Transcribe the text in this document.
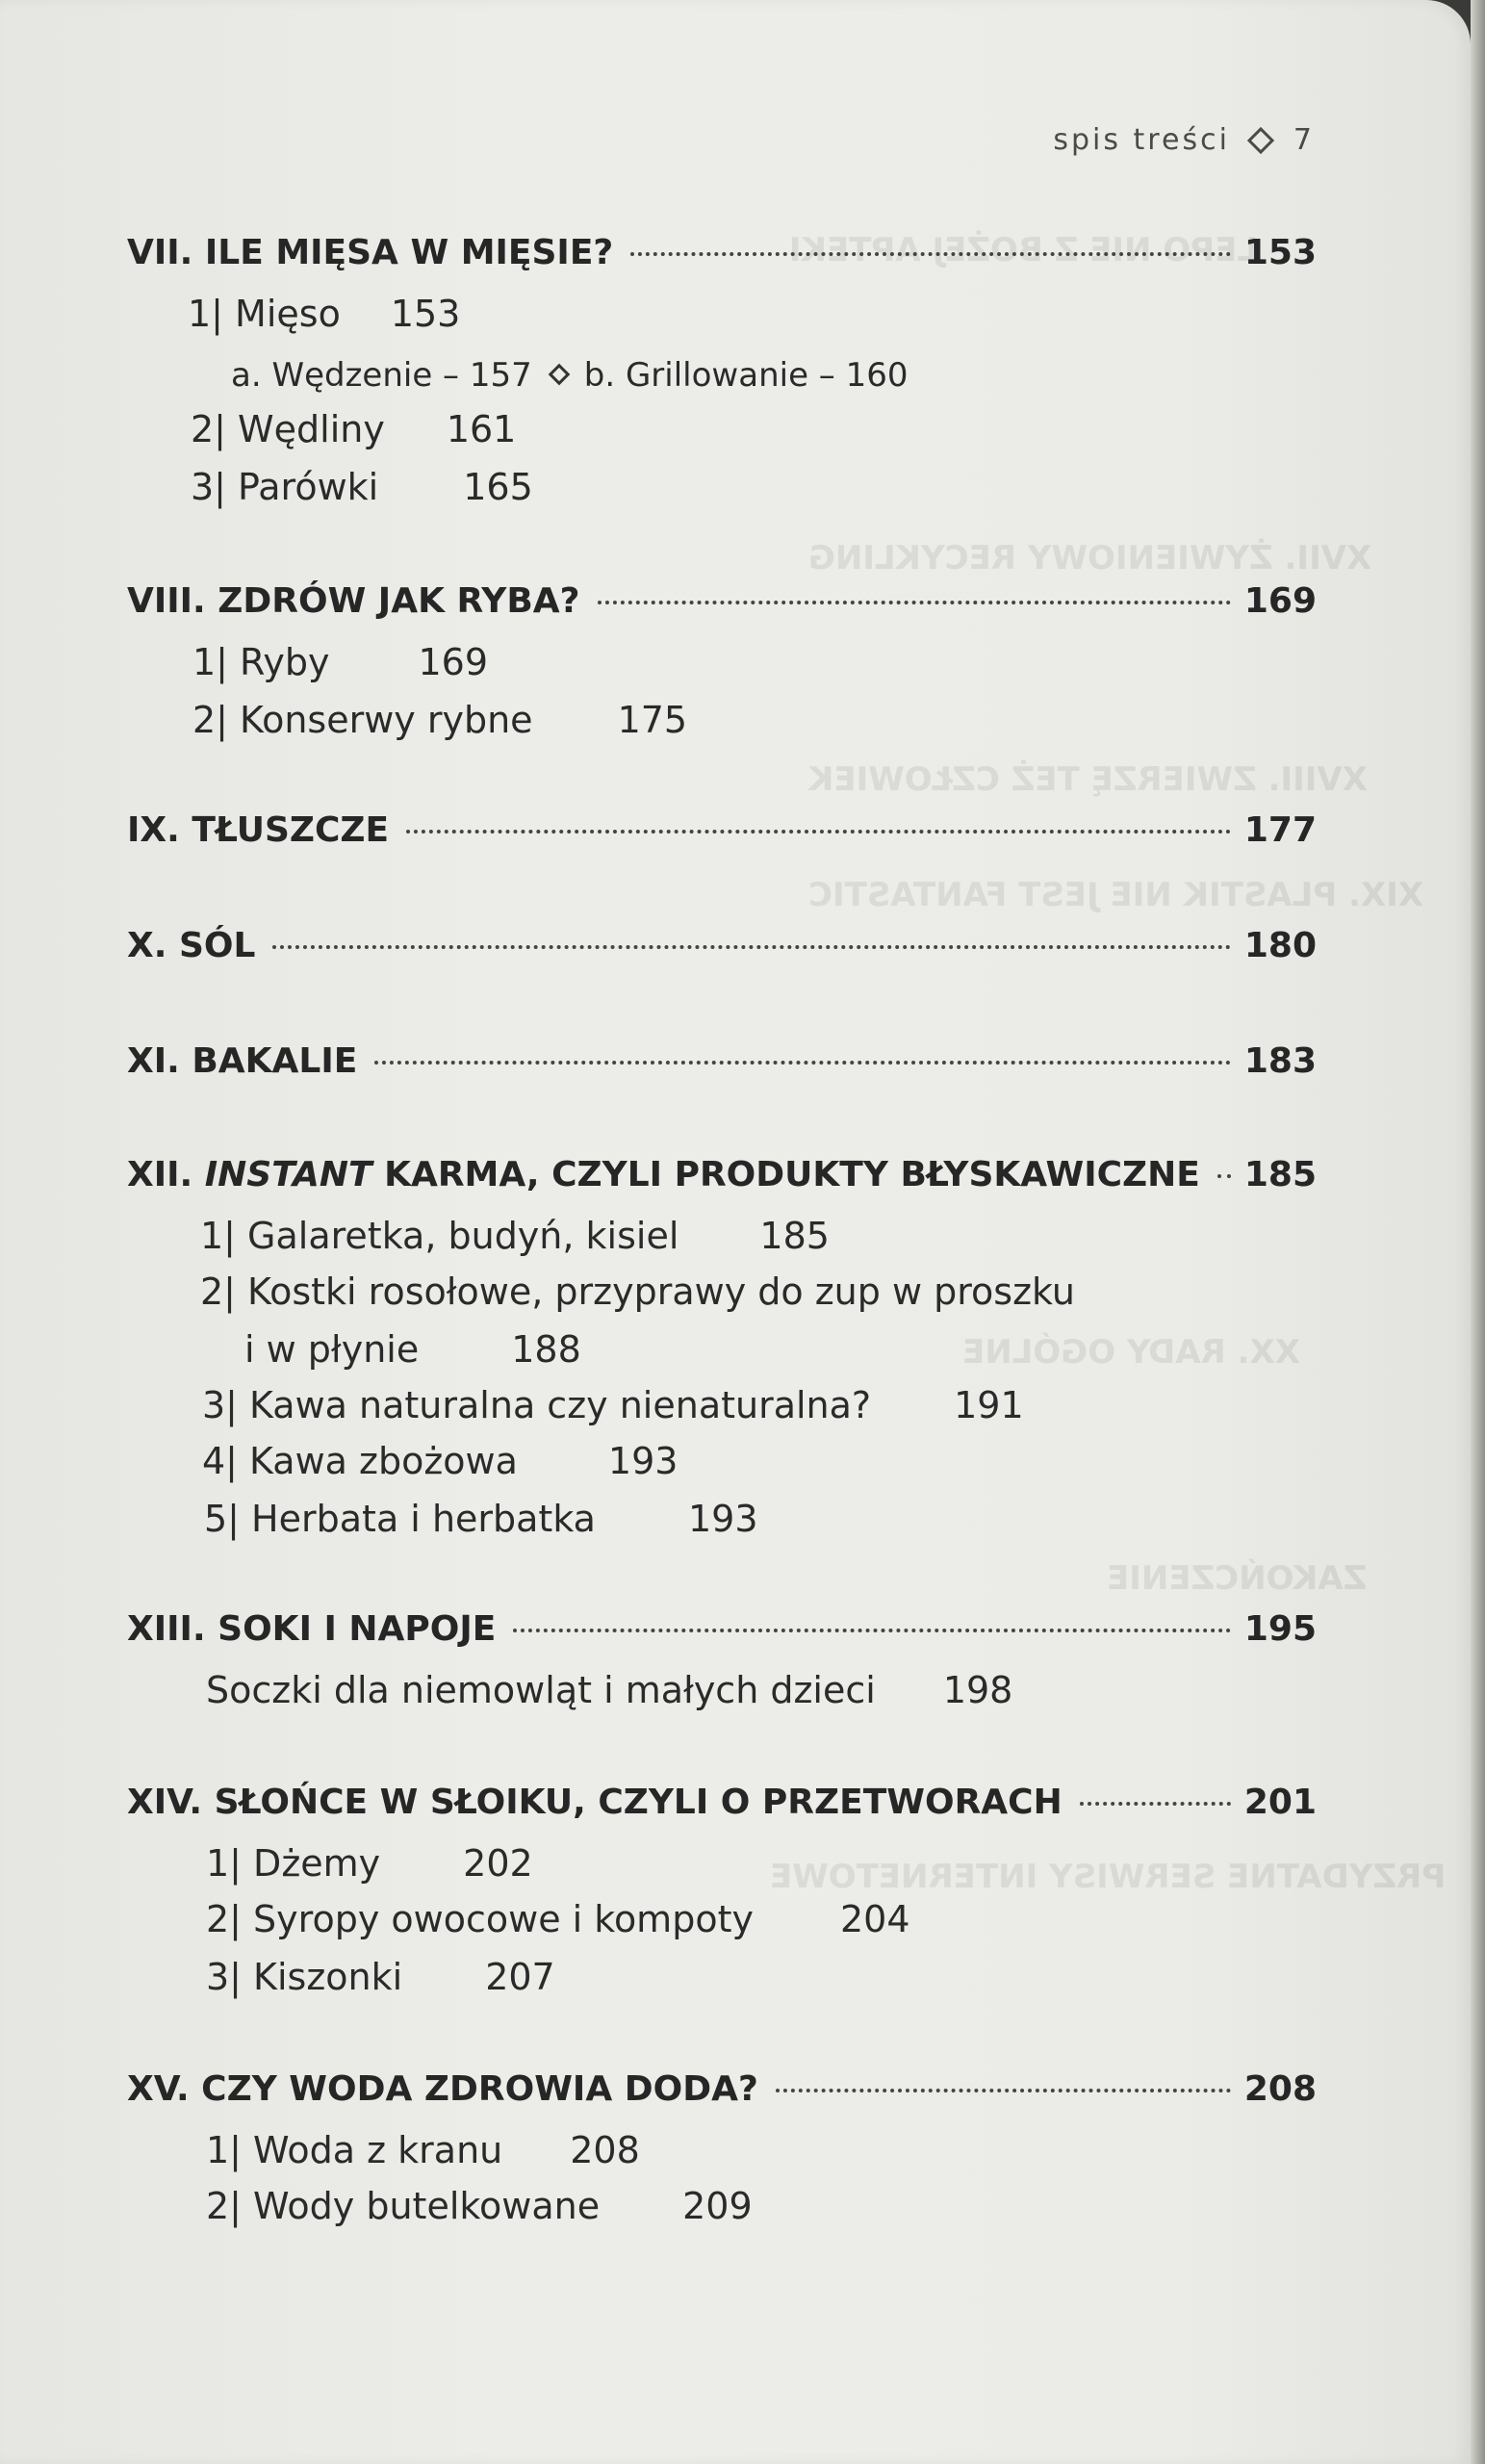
LEPO NIE Z BOŻEJ APTEKI
XVII. ŻYWIENIOWY RECYKLING
XVIII. ZWIERZĘ TEŻ CZŁOWIEK
XIX. PLASTIK NIE JEST FANTASTIC
XX. RADY OGÓLNE
ZAKOŃCZENIE
PRZYDATNE SERWISY INTERNETOWE
spis treści 7
VII. ILE MIĘSA W MIĘSIE?	153
1| Mięso 153
a. Wędzenie – 157 b. Grillowanie – 160
2| Wędliny 161
3| Parówki 165
VIII. ZDRÓW JAK RYBA?	169
1| Ryby 169
2| Konserwy rybne 175
IX. TŁUSZCZE	177
X. SÓL	180
XI. BAKALIE	183
XII. INSTANT KARMA, CZYLI PRODUKTY BŁYSKAWICZNE 185
1| Galaretka, budyń, kisiel 185
2| Kostki rosołowe, przyprawy do zup w proszku
i w płynie	188
3| Kawa naturalna czy nienaturalna? 191
4| Kawa zbożowa 193
5| Herbata i herbatka	193
XIII. SOKI I NAPOJE	195
Soczki dla niemowląt i małych dzieci 198
XIV. SŁOŃCE W SŁOIKU, CZYLI O PRZETWORACH	201
1| Dżemy 202
2| Syropy owocowe i kompoty 204
3| Kiszonki 207
XV. CZY WODA ZDROWIA DODA?	208
1| Woda z kranu 208
2| Wody butelkowane 209
